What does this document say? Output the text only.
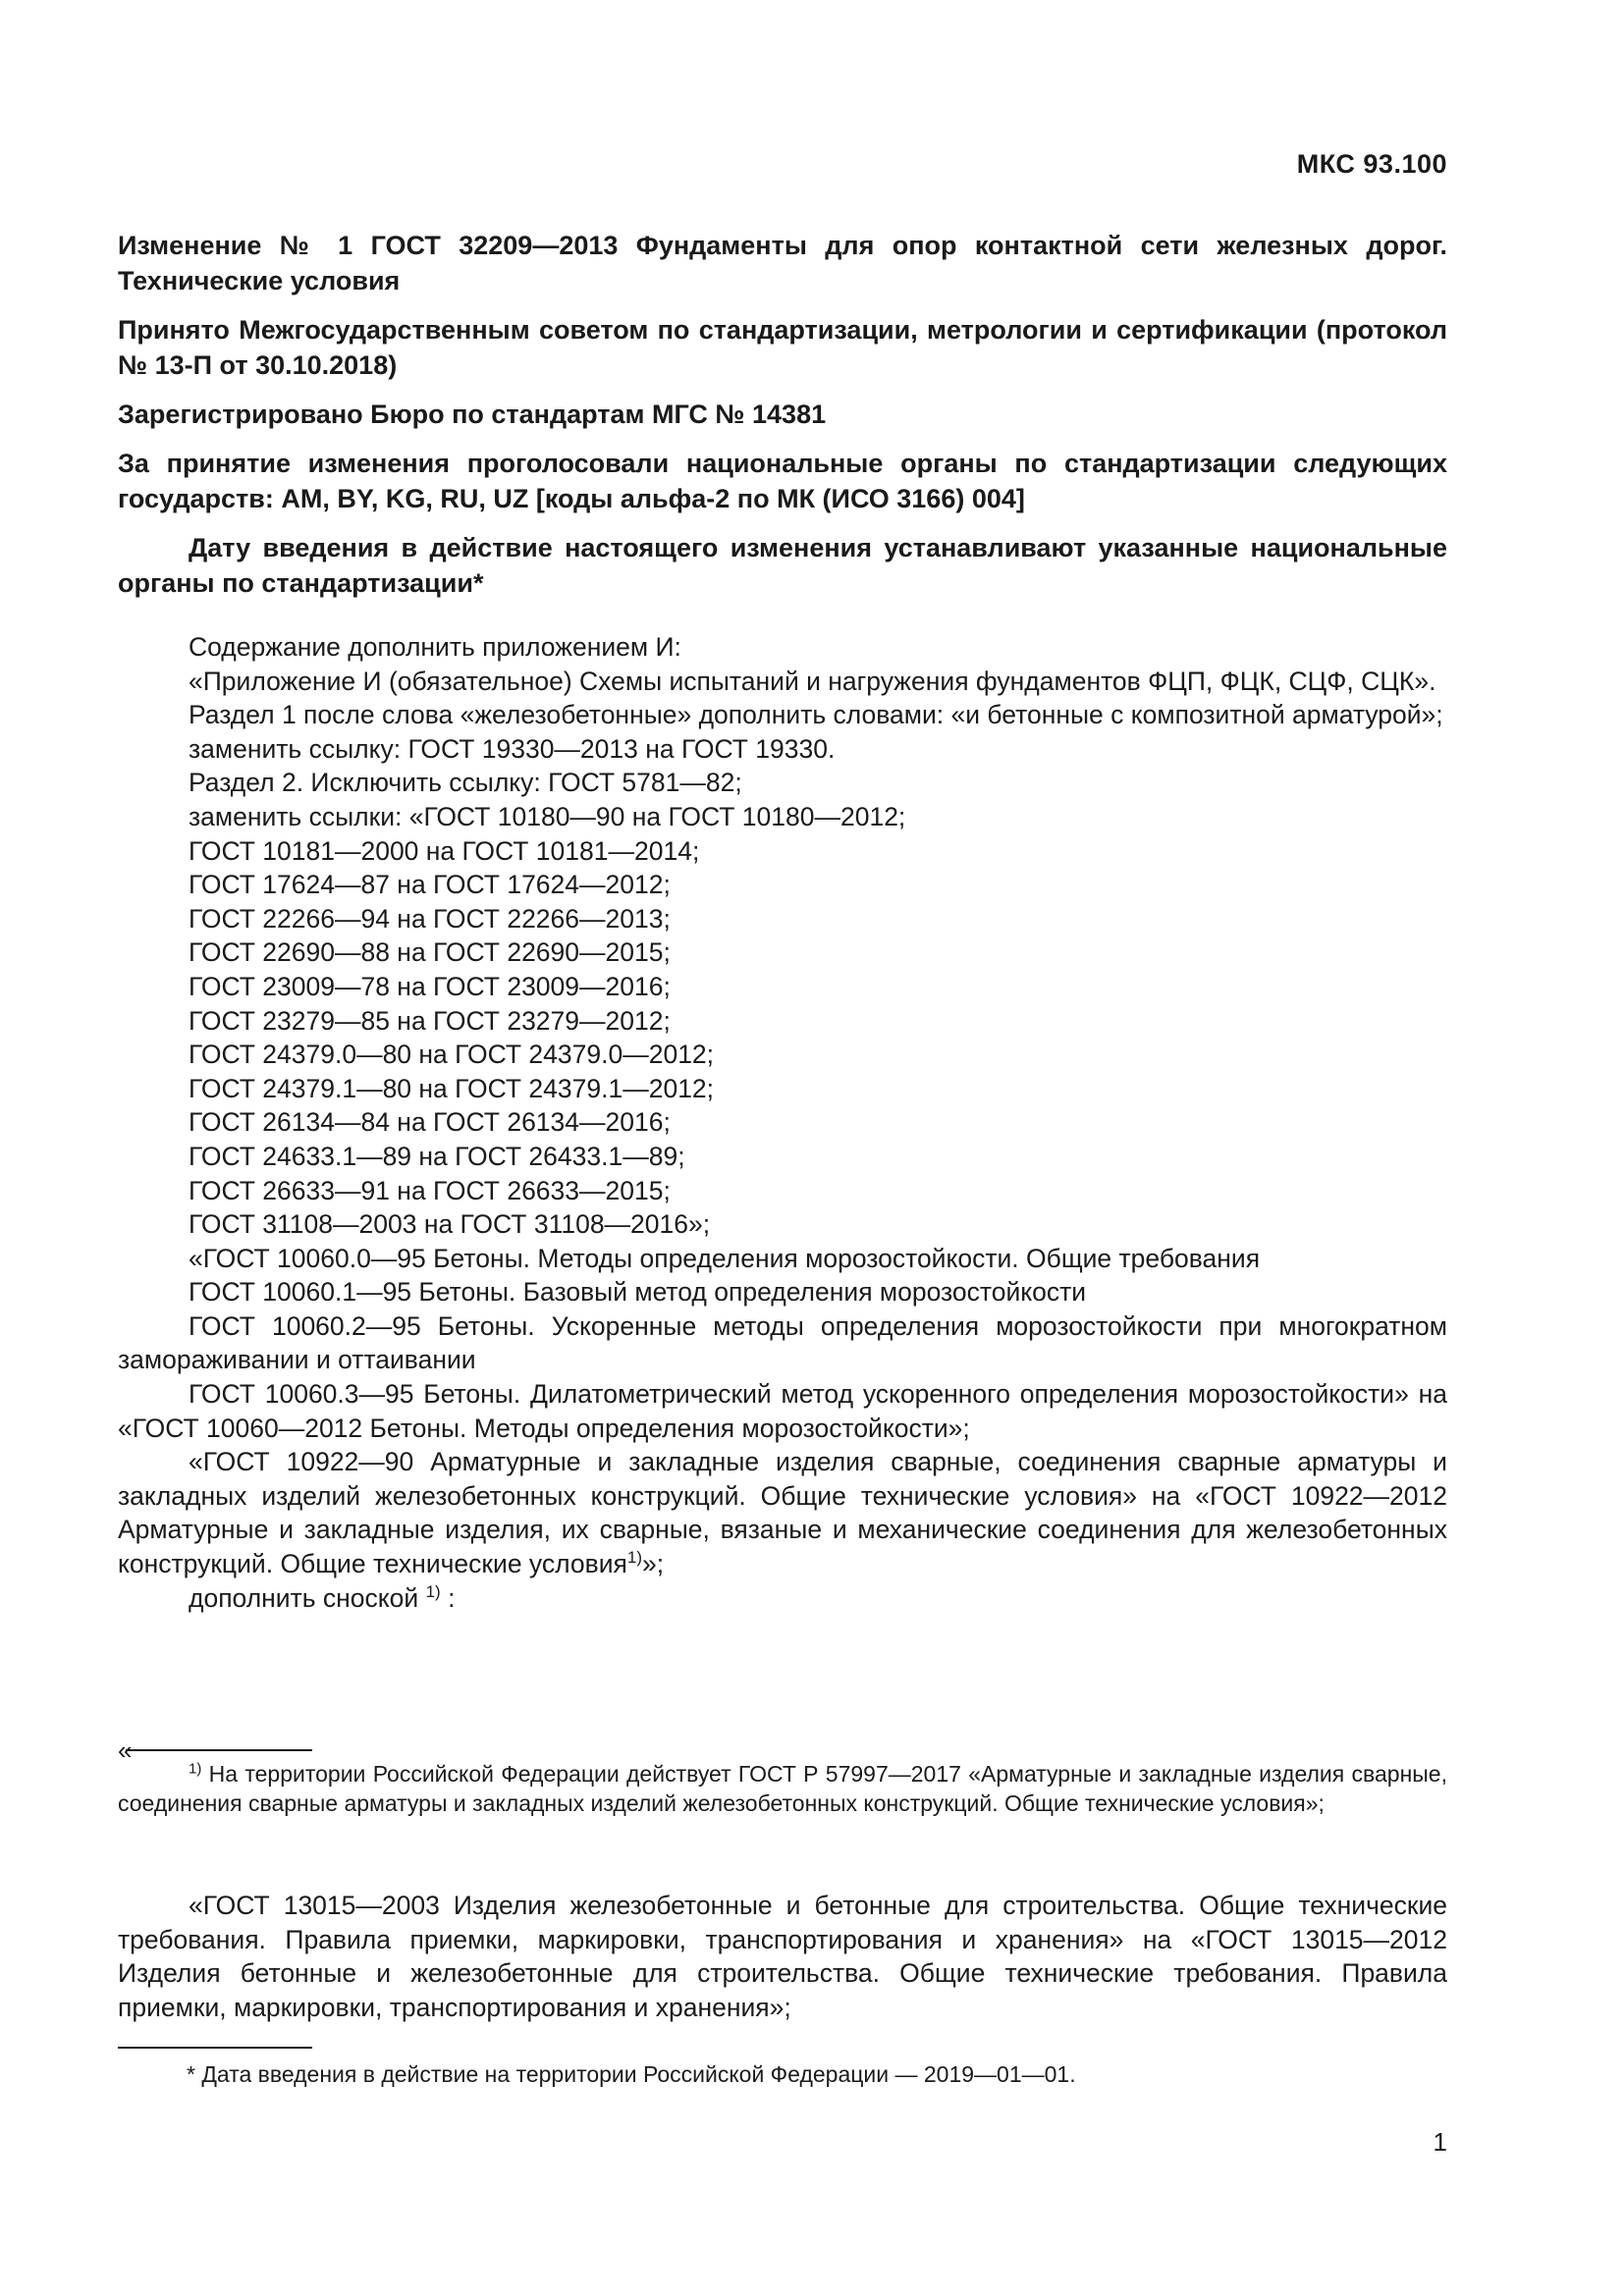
МКС 93.100

Изменение № 1 ГОСТ 32209—2013 Фундаменты для опор контактной сети железных дорог. Технические условия

Принято Межгосударственным советом по стандартизации, метрологии и сертификации (протокол № 13-П от 30.10.2018)

Зарегистрировано Бюро по стандартам МГС № 14381

За принятие изменения проголосовали национальные органы по стандартизации следующих государств: AM, BY, KG, RU, UZ [коды альфа-2 по МК (ИСО 3166) 004]

Дату введения в действие настоящего изменения устанавливают указанные национальные органы по стандартизации*

Содержание дополнить приложением И:

«Приложение И (обязательное) Схемы испытаний и нагружения фундаментов ФЦП, ФЦК, СЦФ, СЦК».

Раздел 1 после слова «железобетонные» дополнить словами: «и бетонные с композитной арматурой»;

заменить ссылку: ГОСТ 19330—2013 на ГОСТ 19330.

Раздел 2. Исключить ссылку: ГОСТ 5781—82;

заменить ссылки: «ГОСТ 10180—90 на ГОСТ 10180—2012;

ГОСТ 10181—2000 на ГОСТ 10181—2014;

ГОСТ 17624—87 на ГОСТ 17624—2012;

ГОСТ 22266—94 на ГОСТ 22266—2013;

ГОСТ 22690—88 на ГОСТ 22690—2015;

ГОСТ 23009—78 на ГОСТ 23009—2016;

ГОСТ 23279—85 на ГОСТ 23279—2012;

ГОСТ 24379.0—80 на ГОСТ 24379.0—2012;

ГОСТ 24379.1—80 на ГОСТ 24379.1—2012;

ГОСТ 26134—84 на ГОСТ 26134—2016;

ГОСТ 24633.1—89 на ГОСТ 26433.1—89;

ГОСТ 26633—91 на ГОСТ 26633—2015;

ГОСТ 31108—2003 на ГОСТ 31108—2016»;

«ГОСТ 10060.0—95 Бетоны. Методы определения морозостойкости. Общие требования

ГОСТ 10060.1—95 Бетоны. Базовый метод определения морозостойкости

ГОСТ 10060.2—95 Бетоны. Ускоренные методы определения морозостойкости при многократном замораживании и оттаивании

ГОСТ 10060.3—95 Бетоны. Дилатометрический метод ускоренного определения морозостойкости» на «ГОСТ 10060—2012 Бетоны. Методы определения морозостойкости»;

«ГОСТ 10922—90 Арматурные и закладные изделия сварные, соединения сварные арматуры и закладных изделий железобетонных конструкций. Общие технические условия» на «ГОСТ 10922—2012 Арматурные и закладные изделия, их сварные, вязаные и механические соединения для железобетонных конструкций. Общие технические условия$^{1)}$»;

дополнить сноской $^{1)}$ :

«

$^{1)}$ На территории Российской Федерации действует ГОСТ Р 57997—2017 «Арматурные и закладные изделия сварные, соединения сварные арматуры и закладных изделий железобетонных конструкций. Общие технические условия»;

«ГОСТ 13015—2003 Изделия железобетонные и бетонные для строительства. Общие технические требования. Правила приемки, маркировки, транспортирования и хранения» на «ГОСТ 13015—2012 Изделия бетонные и железобетонные для строительства. Общие технические требования. Правила приемки, маркировки, транспортирования и хранения»;

* Дата введения в действие на территории Российской Федерации — 2019—01—01.
1
